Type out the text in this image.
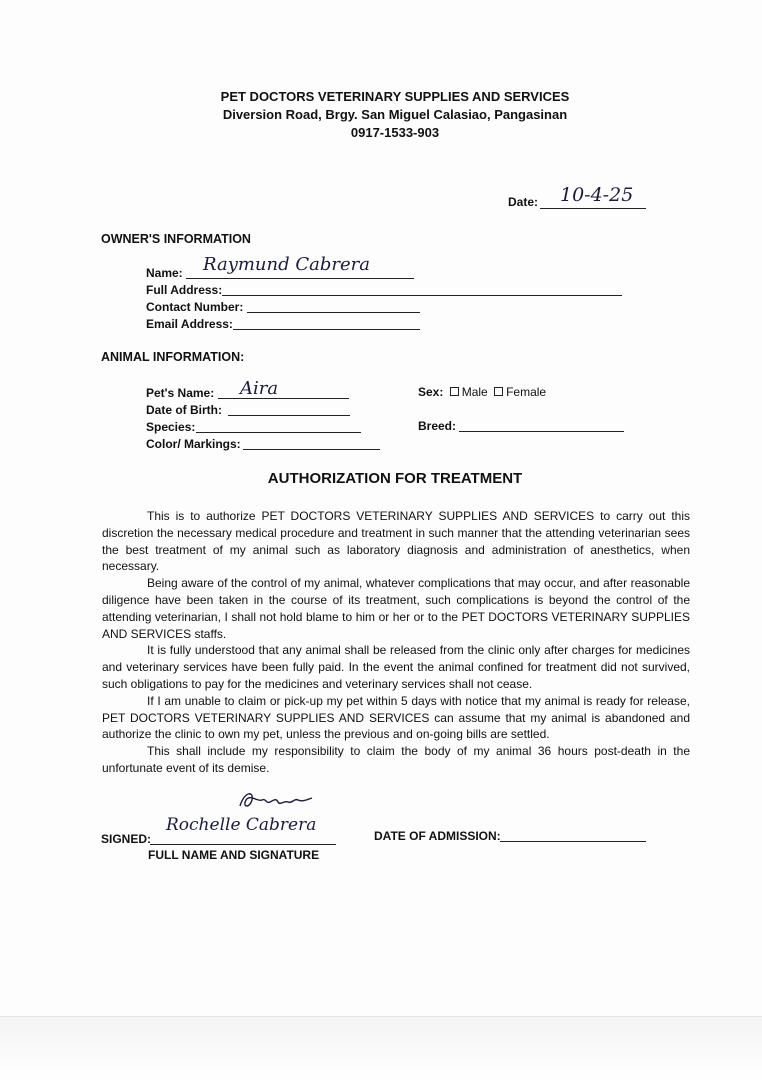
PET DOCTORS VETERINARY SUPPLIES AND SERVICES
Diversion Road, Brgy. San Miguel Calasiao, Pangasinan
0917-1533-903
Date: 10-4-25
OWNER'S INFORMATION
Name: Raymund Cabrera
Full Address:
Contact Number:
Email Address:
ANIMAL INFORMATION:
Pet's Name: Aira
Date of Birth:
Species:
Color/ Markings:
Sex: Male Female
Breed:
AUTHORIZATION FOR TREATMENT

This is to authorize PET DOCTORS VETERINARY SUPPLIES AND SERVICES to carry out this discretion the necessary medical procedure and treatment in such manner that the attending veterinarian sees the best treatment of my animal such as laboratory diagnosis and administration of anesthetics, when necessary.

Being aware of the control of my animal, whatever complications that may occur, and after reasonable diligence have been taken in the course of its treatment, such complications is beyond the control of the attending veterinarian, I shall not hold blame to him or her or to the PET DOCTORS VETERINARY SUPPLIES AND SERVICES staffs.

It is fully understood that any animal shall be released from the clinic only after charges for medicines and veterinary services have been fully paid. In the event the animal confined for treatment did not survived, such obligations to pay for the medicines and veterinary services shall not cease.

If I am unable to claim or pick-up my pet within 5 days with notice that my animal is ready for release, PET DOCTORS VETERINARY SUPPLIES AND SERVICES can assume that my animal is abandoned and authorize the clinic to own my pet, unless the previous and on-going bills are settled.

This shall include my responsibility to claim the body of my animal 36 hours post-death in the unfortunate event of its demise.

SIGNED:
Rochelle Cabrera
FULL NAME AND SIGNATURE
DATE OF ADMISSION:
